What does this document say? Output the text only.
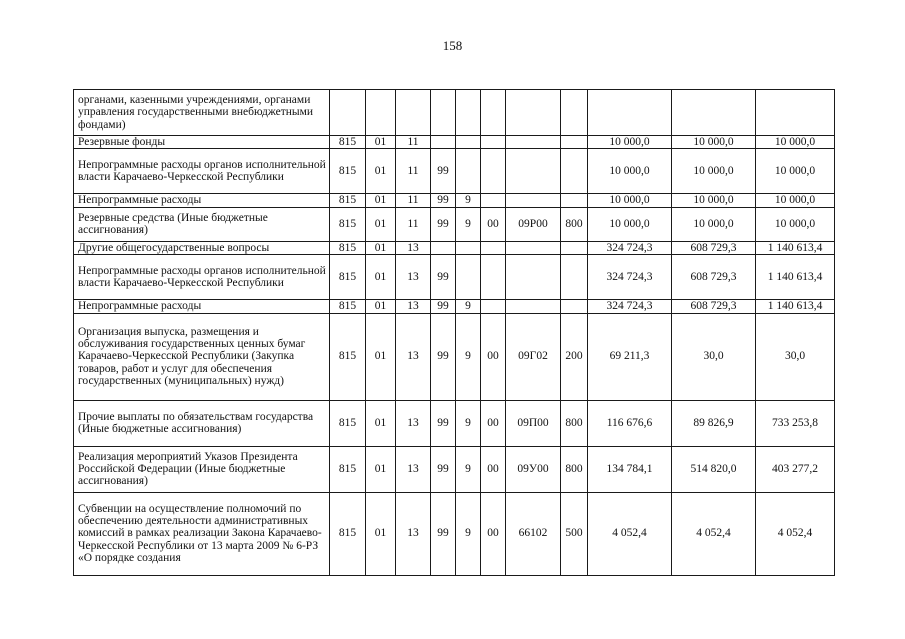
158
органами, казенными учреждениями, органами управления государственными внебюджетными фондами)											
Резервные фонды	815	01	11						10 000,0	10 000,0	10 000,0
Непрограммные расходы органов исполнительной власти Карачаево-Черкесской Республики	815	01	11	99					10 000,0	10 000,0	10 000,0
Непрограммные расходы	815	01	11	99	9				10 000,0	10 000,0	10 000,0
Резервные средства (Иные бюджетные ассигнования)	815	01	11	99	9	00	09Р00	800	10 000,0	10 000,0	10 000,0
Другие общегосударственные вопросы	815	01	13						324 724,3	608 729,3	1 140 613,4
Непрограммные расходы органов исполнительной власти Карачаево-Черкесской Республики	815	01	13	99					324 724,3	608 729,3	1 140 613,4
Непрограммные расходы	815	01	13	99	9				324 724,3	608 729,3	1 140 613,4
Организация выпуска, размещения и обслуживания государственных ценных бумаг Карачаево-Черкесской Республики (Закупка товаров, работ и услуг для обеспечения государственных (муниципальных) нужд)	815	01	13	99	9	00	09Г02	200	69 211,3	30,0	30,0
Прочие выплаты по обязательствам государства (Иные бюджетные ассигнования)	815	01	13	99	9	00	09П00	800	116 676,6	89 826,9	733 253,8
Реализация мероприятий Указов Президента Российской Федерации (Иные бюджетные ассигнования)	815	01	13	99	9	00	09У00	800	134 784,1	514 820,0	403 277,2
Субвенции на осуществление полномочий по обеспечению деятельности административных комиссий в рамках реализации Закона Карачаево-Черкесской Республики от 13 марта 2009 № 6-РЗ «О порядке создания	815	01	13	99	9	00	66102	500	4 052,4	4 052,4	4 052,4
